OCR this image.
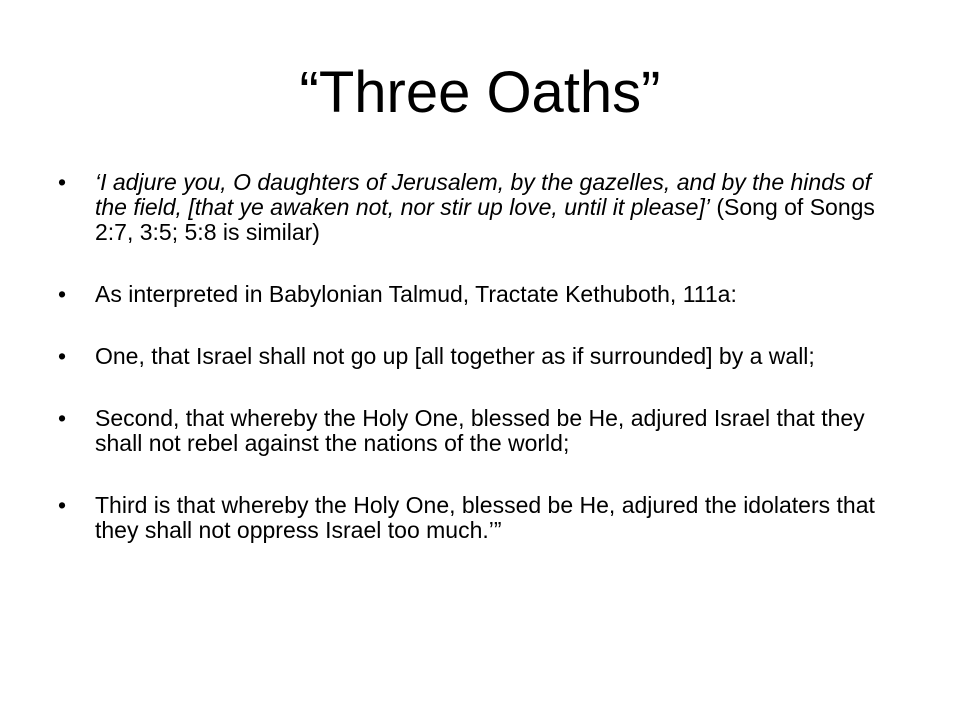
“Three Oaths”
•	‘I adjure you, O daughters of Jerusalem, by the gazelles, and by the hinds of the field, [that ye awaken not, nor stir up love, until it please]’ (Song of Songs 2:7, 3:5; 5:8 is similar)
•	As interpreted in Babylonian Talmud, Tractate Kethuboth, 111a:
•	One, that Israel shall not go up [all together as if surrounded] by a wall;
•	Second, that whereby the Holy One, blessed be He, adjured Israel that they shall not rebel against the nations of the world;
•	Third is that whereby the Holy One, blessed be He, adjured the idolaters that they shall not oppress Israel too much.’”
